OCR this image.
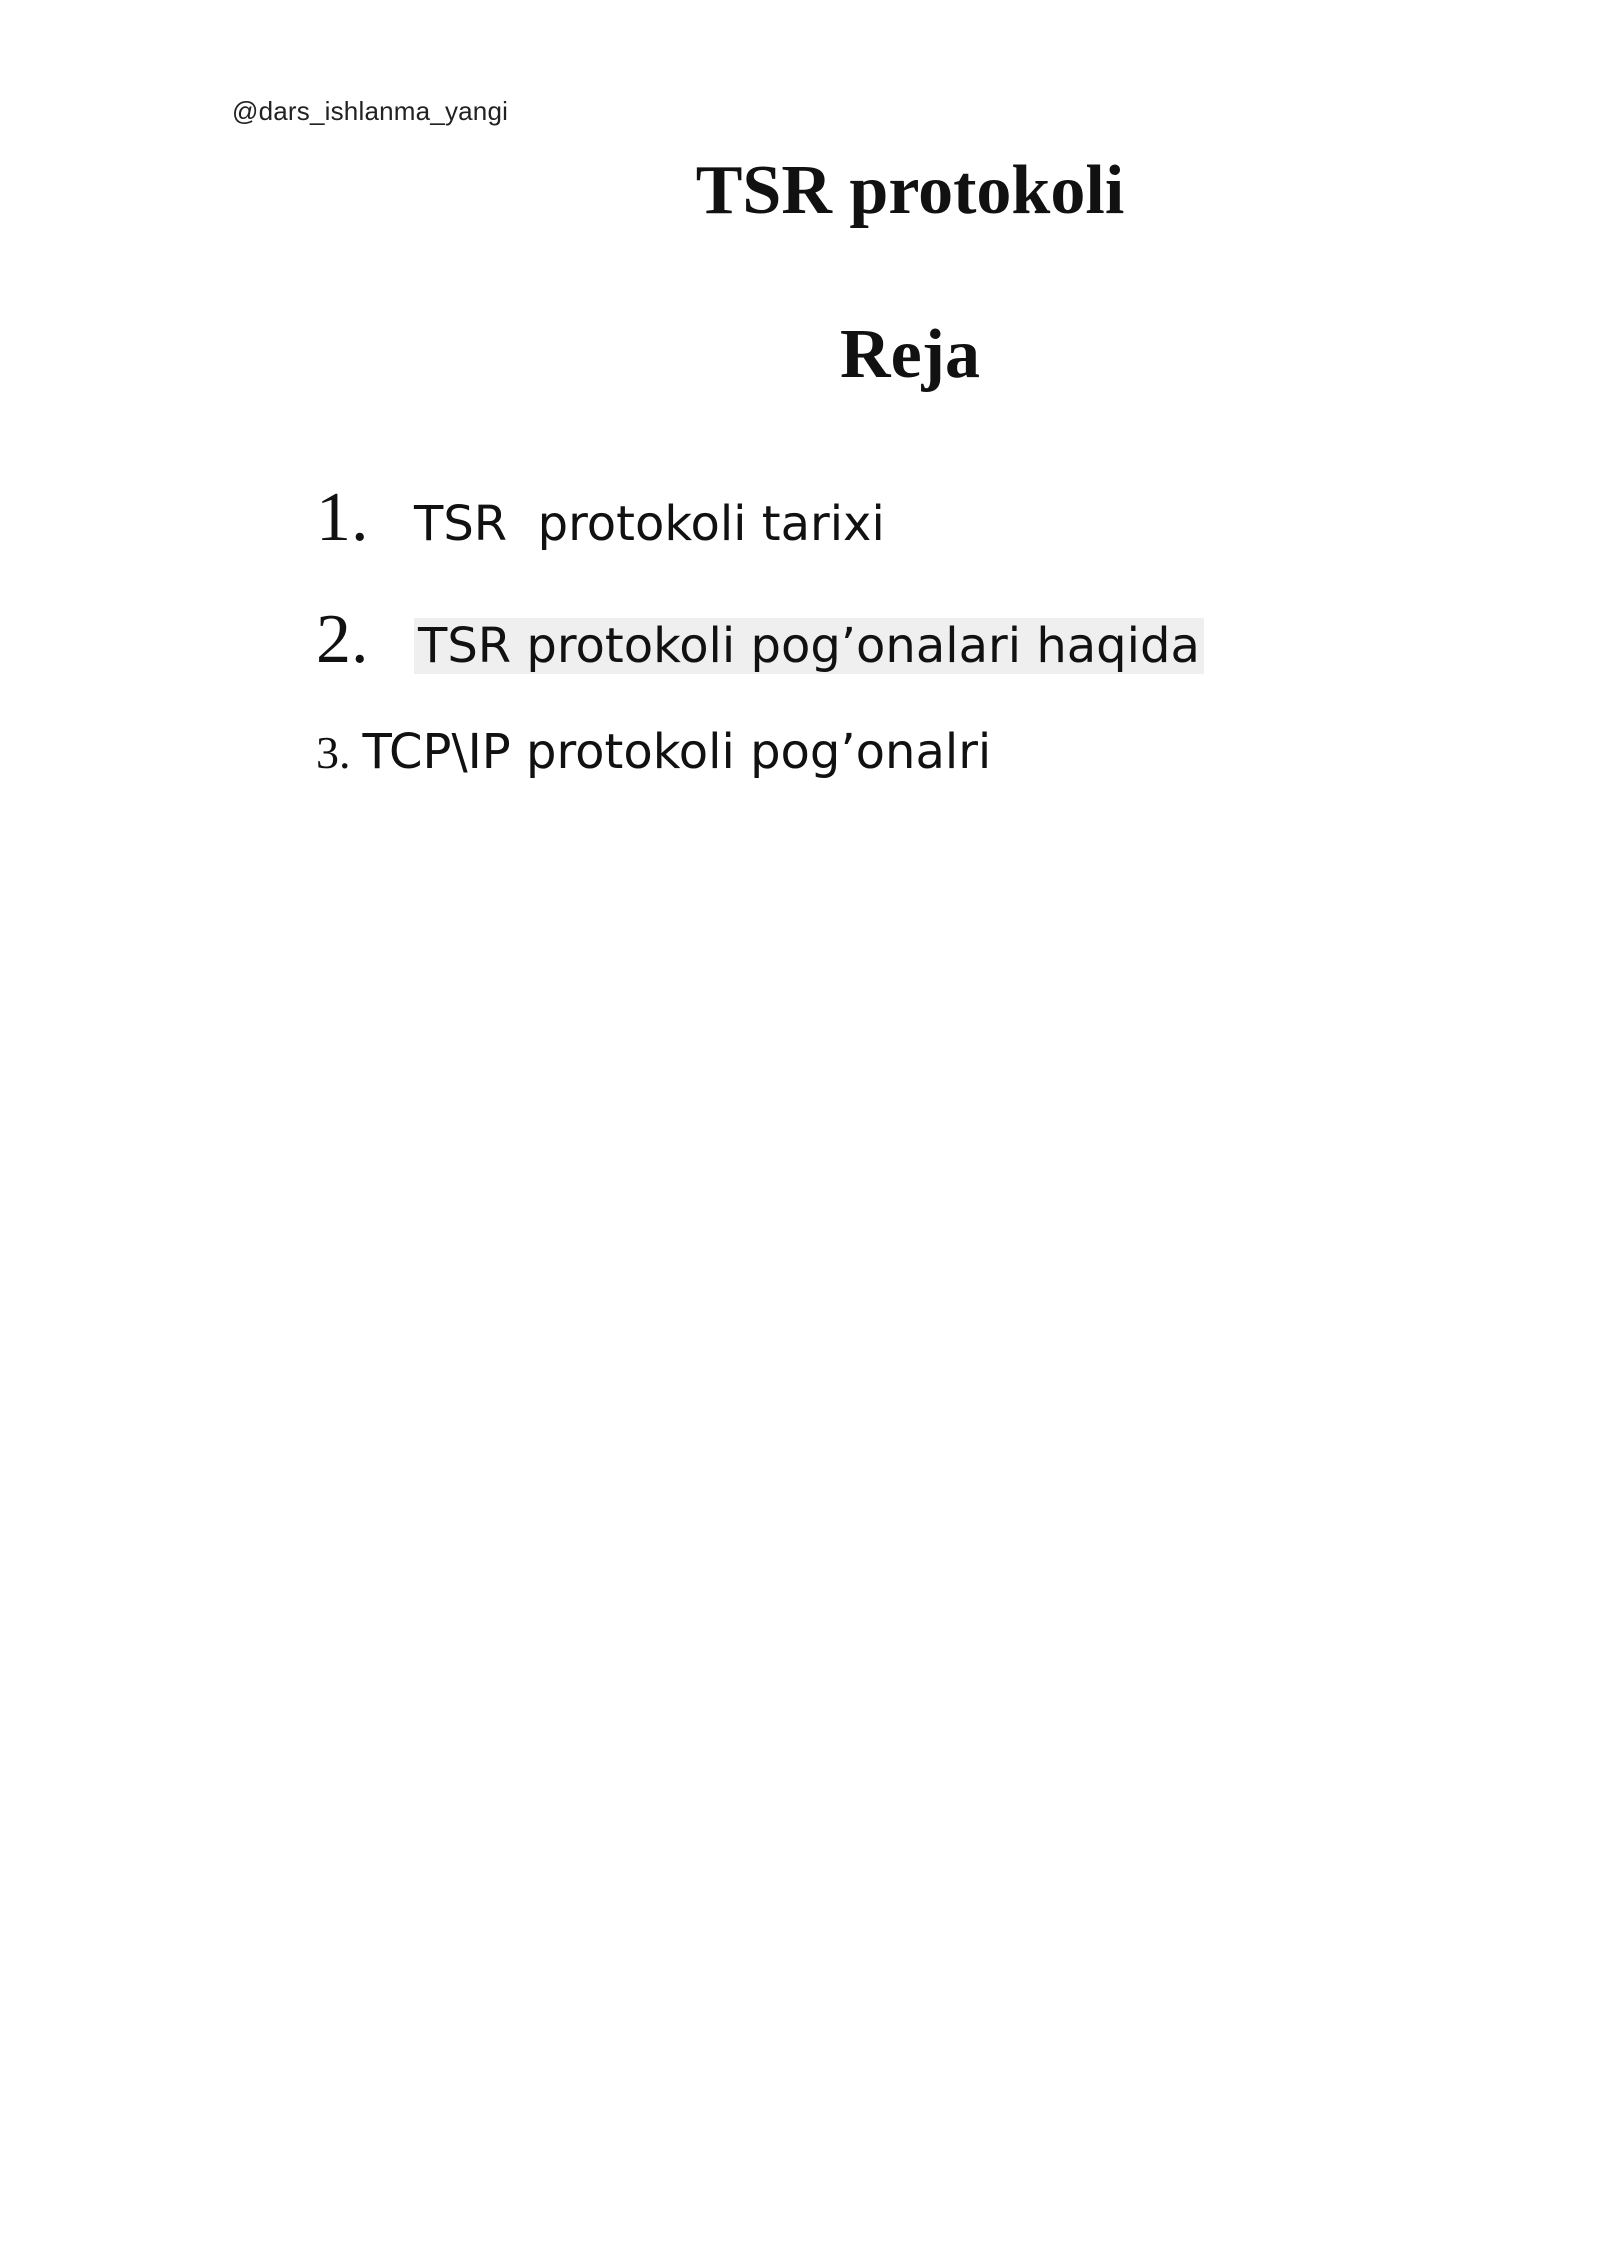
@dars_ishlanma_yangi
TSR protokoli
Reja
1. TSR  protokoli tarixi
2.	TSR protokoli pog’onalari haqida
3. TCP\IP protokoli pog’onalri
